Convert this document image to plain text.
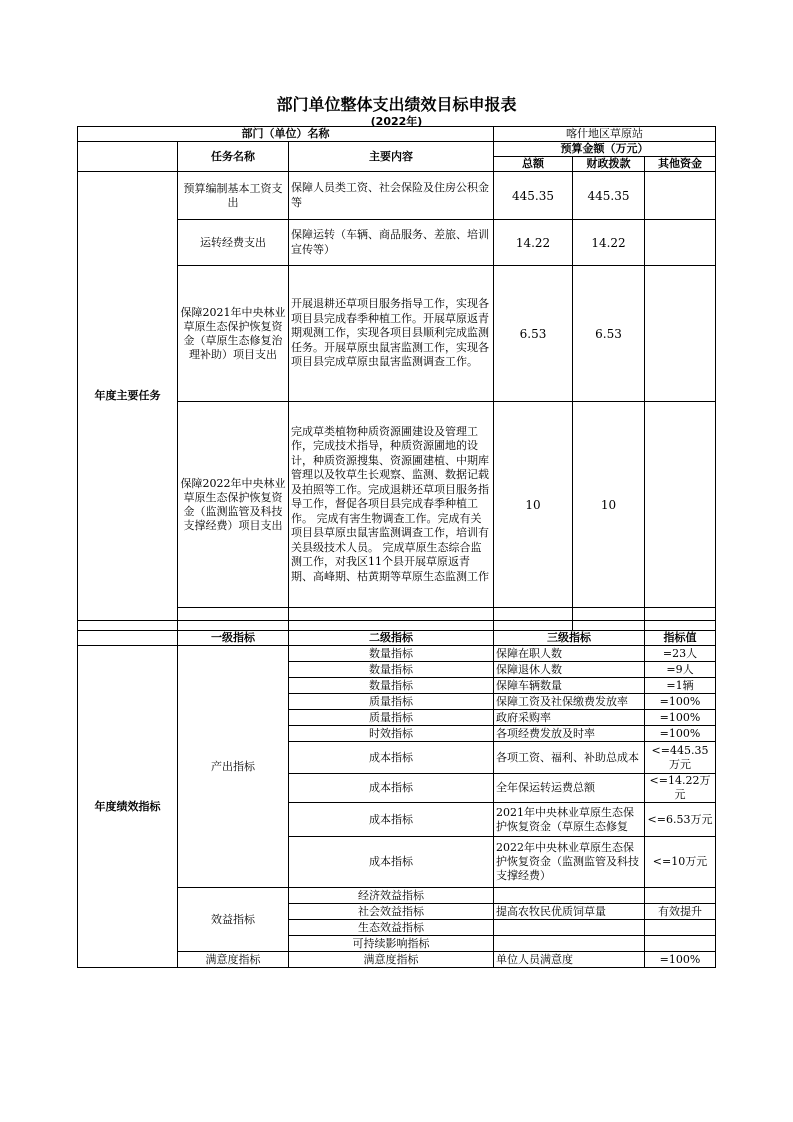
部门单位整体支出绩效目标申报表
(2022年)
部门（单位）名称			喀什地区草原站		
	任务名称	主要内容	预算金额（万元）		
			总额	财政拨款	其他资金
年度主要任务	预算编制基本工资支出	保障人员类工资、社会保险及住房公积金等	445.35	445.35	
	运转经费支出	保障运转（车辆、商品服务、差旅、培训宣传等）	14.22	14.22	
	保障2021年中央林业草原生态保护恢复资金（草原生态修复治理补助）项目支出	开展退耕还草项目服务指导工作，实现各项目县完成春季种植工作。开展草原返青期观测工作，实现各项目县顺利完成监测任务。开展草原虫鼠害监测工作，实现各项目县完成草原虫鼠害监测调查工作。	6.53	6.53	
	保障2022年中央林业草原生态保护恢复资金（监测监管及科技支撑经费）项目支出	完成草类植物种质资源圃建设及管理工作，完成技术指导，种质资源圃地的设计，种质资源搜集、资源圃建植、中期库管理以及牧草生长观察、监测、数据记载及拍照等工作。完成退耕还草项目服务指导工作，督促各项目县完成春季种植工作。 完成有害生物调查工作。完成有关项目县草原虫鼠害监测调查工作，培训有关县级技术人员。 完成草原生态综合监测工作，对我区11个县开展草原返青期、高峰期、枯黄期等草原生态监测工作	10	10	

	一级指标	二级指标	三级指标		指标值
年度绩效指标	产出指标	数量指标	保障在职人数		=23人
		数量指标	保障退休人数		=9人
		数量指标	保障车辆数量		=1辆
		质量指标	保障工资及社保缴费发放率		=100%
		质量指标	政府采购率		=100%
		时效指标	各项经费发放及时率		=100%
		成本指标	各项工资、福利、补助总成本		<=445.35万元
		成本指标	全年保运转运费总额		<=14.22万元
		成本指标	2021年中央林业草原生态保护恢复资金（草原生态修复		<=6.53万元
		成本指标	2022年中央林业草原生态保护恢复资金（监测监管及科技支撑经费）		<=10万元
	效益指标	经济效益指标			
		社会效益指标	提高农牧民优质饲草量		有效提升
		生态效益指标			
		可持续影响指标			
	满意度指标	满意度指标	单位人员满意度		=100%
